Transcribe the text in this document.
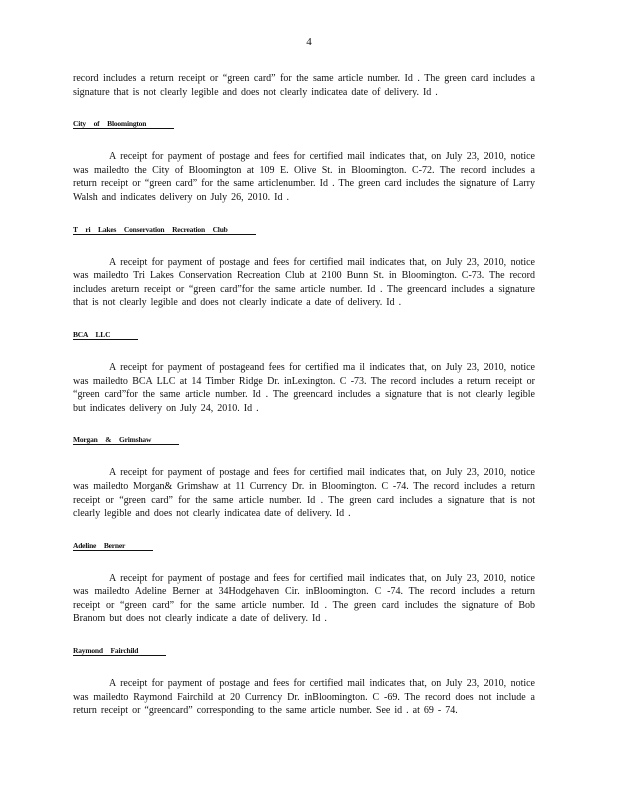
4

record includes a return receipt or “green card” for the same article number. Id . The green card includes a signature that is not clearly legible and does not clearly indicatea date of delivery. Id .

City of Bloomington

A receipt for payment of postage and fees for certified mail indicates that, on July 23, 2010, notice was mailedto the City of Bloomington at 109 E. Olive St. in Bloomington. C-72. The record includes a return receipt or “green card” for the same articlenumber. Id . The green card includes the signature of Larry Walsh and indicates delivery on July 26, 2010. Id .

T ri Lakes Conservation Recreation Club

A receipt for payment of postage and fees for certified mail indicates that, on July 23, 2010, notice was mailedto Tri Lakes Conservation Recreation Club at 2100 Bunn St. in Bloomington. C-73. The record includes areturn receipt or “green card”for the same article number. Id . The greencard includes a signature that is not clearly legible and does not clearly indicate a date of delivery. Id .

BCA LLC

A receipt for payment of postageand fees for certified ma il indicates that, on July 23, 2010, notice was mailedto BCA LLC at 14 Timber Ridge Dr. inLexington. C -73. The record includes a return receipt or “green card”for the same article number. Id . The greencard includes a signature that is not clearly legible but indicates delivery on July 24, 2010. Id .

Morgan & Grimshaw

A receipt for payment of postage and fees for certified mail indicates that, on July 23, 2010, notice was mailedto Morgan& Grimshaw at 11 Currency Dr. in Bloomington. C -74. The record includes a return receipt or “green card” for the same article number. Id . The green card includes a signature that is not clearly legible and does not clearly indicatea date of delivery. Id .

Adeline Berner

A receipt for payment of postage and fees for certified mail indicates that, on July 23, 2010, notice was mailedto Adeline Berner at 34Hodgehaven Cir. inBloomington. C -74. The record includes a return receipt or “green card” for the same article number. Id . The green card includes the signature of Bob Branom but does not clearly indicate a date of delivery. Id .

Raymond Fairchild

A receipt for payment of postage and fees for certified mail indicates that, on July 23, 2010, notice was mailedto Raymond Fairchild at 20 Currency Dr. inBloomington. C -69. The record does not include a return receipt or “greencard” corresponding to the same article number. See id . at 69 - 74.
